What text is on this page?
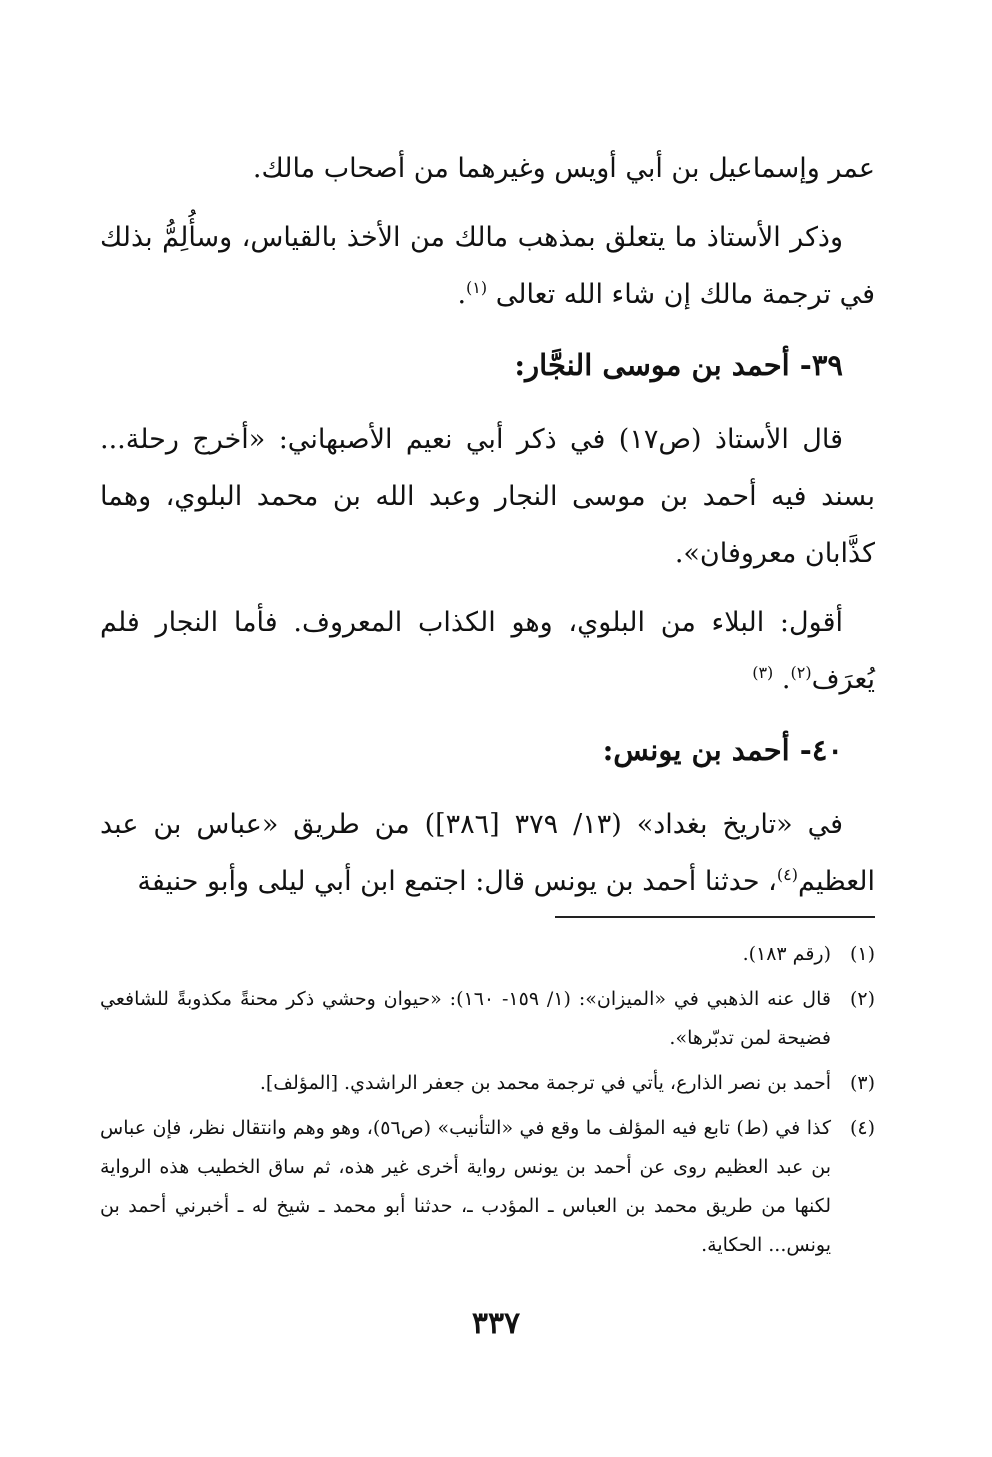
عمر وإسماعيل بن أبي أويس وغيرهما من أصحاب مالك.

وذكر الأستاذ ما يتعلق بمذهب مالك من الأخذ بالقياس، وسأُلِمُّ بذلك في ترجمة مالك إن شاء الله تعالى $^{(١)}$.

٣٩- أحمد بن موسى النجَّار:

قال الأستاذ (ص١٧) في ذكر أبي نعيم الأصبهاني: «أخرج رحلة... بسند فيه أحمد بن موسى النجار وعبد الله بن محمد البلوي، وهما كذَّابان معروفان».

أقول: البلاء من البلوي، وهو الكذاب المعروف. فأما النجار فلم يُعرَف$^{(٢)}$. $^{(٣)}$

٤٠- أحمد بن يونس:

في «تاريخ بغداد» (١٣/ ٣٧٩ [٣٨٦]) من طريق «عباس بن عبد العظيم$^{(٤)}$، حدثنا أحمد بن يونس قال: اجتمع ابن أبي ليلى وأبو حنيفة

(١)
(رقم ١٨٣).
(٢)
قال عنه الذهبي في «الميزان»: (١/ ١٥٩- ١٦٠): «حيوان وحشي ذكر محنةً مكذوبةً للشافعي فضيحة لمن تدبّرها».
(٣)
أحمد بن نصر الذارع، يأتي في ترجمة محمد بن جعفر الراشدي. [المؤلف].
(٤)
كذا في (ط) تابع فيه المؤلف ما وقع في «التأنيب» (ص٥٦)، وهو وهم وانتقال نظر، فإن عباس بن عبد العظيم روى عن أحمد بن يونس رواية أخرى غير هذه، ثم ساق الخطيب هذه الرواية لكنها من طريق محمد بن العباس ـ المؤدب ـ، حدثنا أبو محمد ـ شيخ له ـ أخبرني أحمد بن يونس... الحكاية.
٣٣٧
